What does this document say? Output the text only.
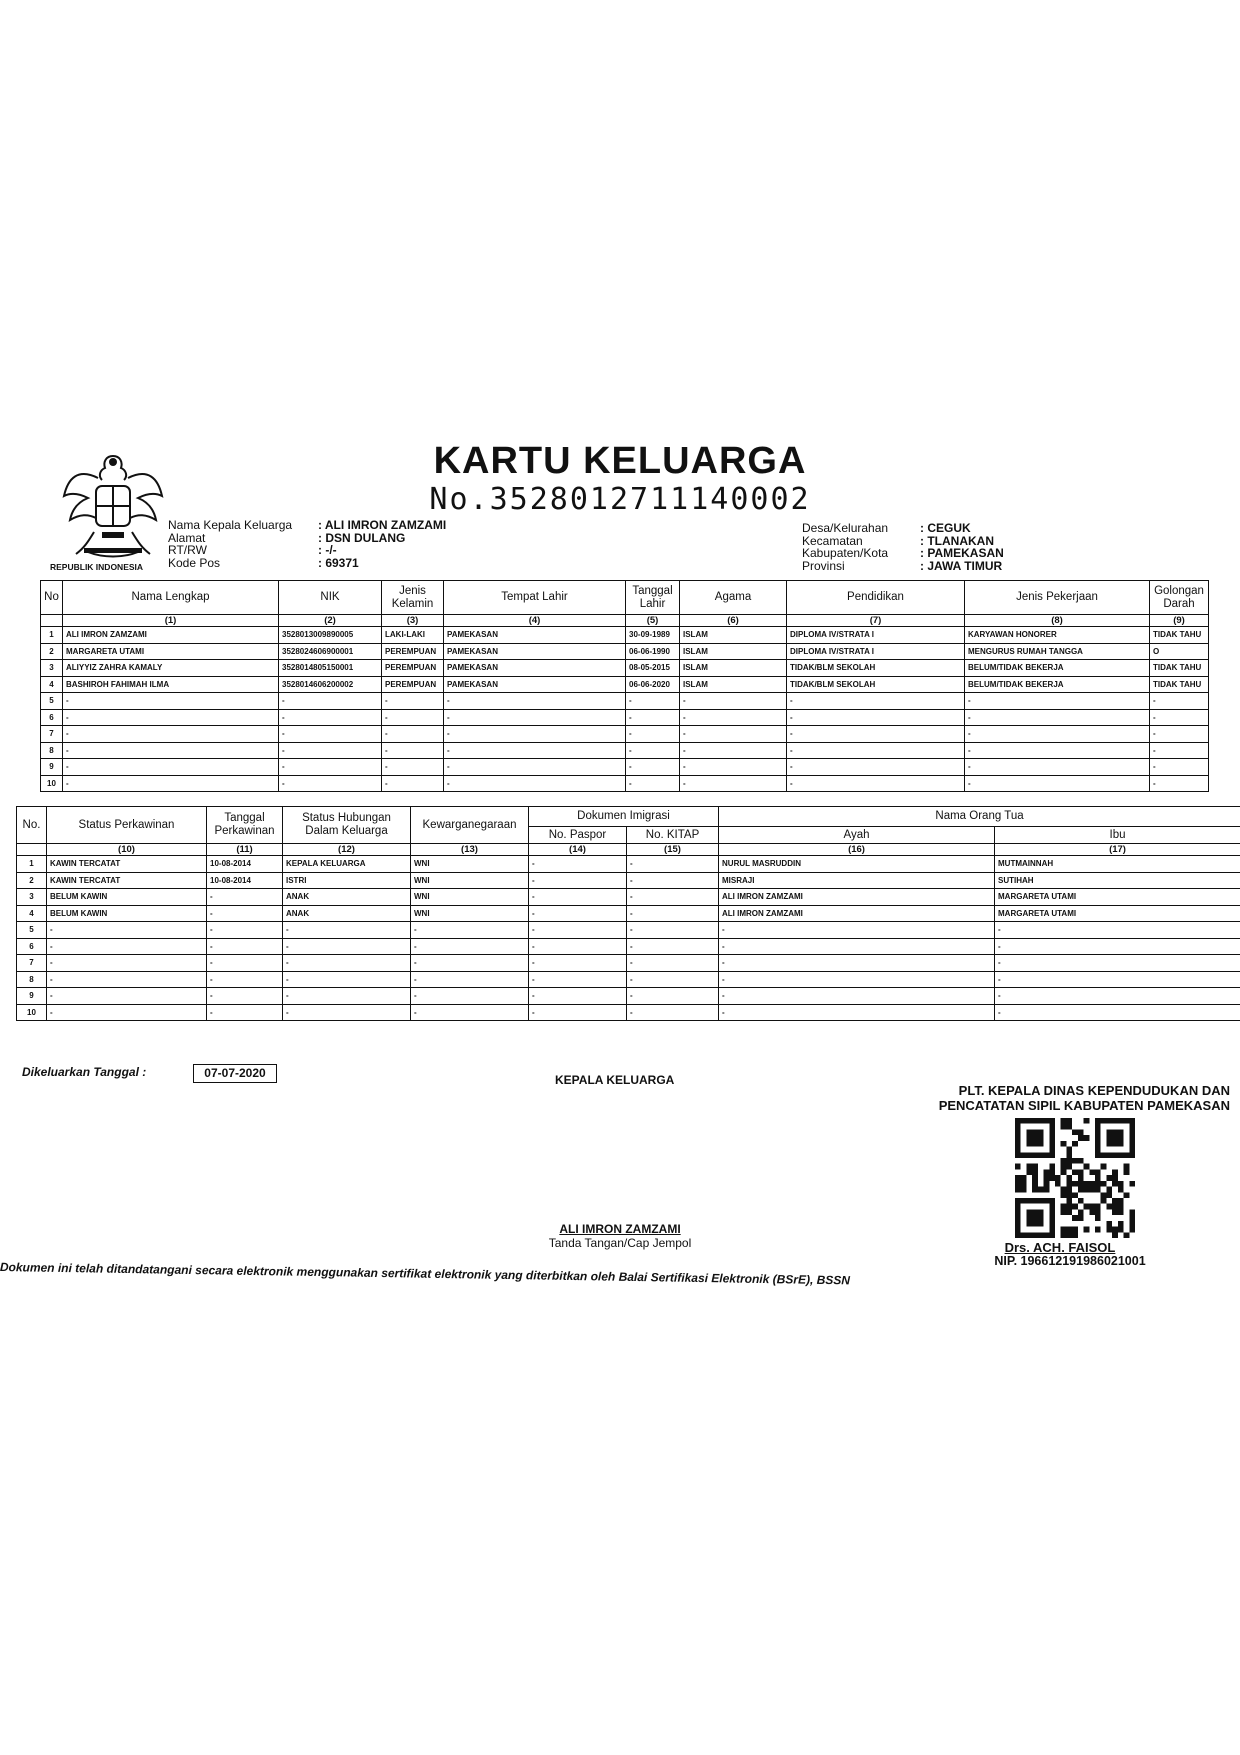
REPUBLIK INDONESIA
KARTU KELUARGA
No.3528012711140002
Nama Kepala Keluarga	: ALI IMRON ZAMZAMI
Alamat	: DSN DULANG
RT/RW	: -/-
Kode Pos	: 69371
Desa/Kelurahan	: CEGUK
Kecamatan	: TLANAKAN
Kabupaten/Kota	: PAMEKASAN
Provinsi	: JAWA TIMUR
No	Nama Lengkap	NIK	Jenis Kelamin	Tempat Lahir	Tanggal Lahir	Agama	Pendidikan	Jenis Pekerjaan	Golongan Darah
	(1)	(2)	(3)	(4)	(5)	(6)	(7)	(8)	(9)
1	ALI IMRON ZAMZAMI	3528013009890005	LAKI-LAKI	PAMEKASAN	30-09-1989	ISLAM	DIPLOMA IV/STRATA I	KARYAWAN HONORER	TIDAK TAHU
2	MARGARETA UTAMI	3528024606900001	PEREMPUAN	PAMEKASAN	06-06-1990	ISLAM	DIPLOMA IV/STRATA I	MENGURUS RUMAH TANGGA	O
3	ALIYYIZ ZAHRA KAMALY	3528014805150001	PEREMPUAN	PAMEKASAN	08-05-2015	ISLAM	TIDAK/BLM SEKOLAH	BELUM/TIDAK BEKERJA	TIDAK TAHU
4	BASHIROH FAHIMAH ILMA	3528014606200002	PEREMPUAN	PAMEKASAN	06-06-2020	ISLAM	TIDAK/BLM SEKOLAH	BELUM/TIDAK BEKERJA	TIDAK TAHU
5	-	-	-	-	-	-	-	-	-
6	-	-	-	-	-	-	-	-	-
7	-	-	-	-	-	-	-	-	-
8	-	-	-	-	-	-	-	-	-
9	-	-	-	-	-	-	-	-	-
10	-	-	-	-	-	-	-	-	-
No.	Status Perkawinan	Tanggal Perkawinan	Status Hubungan Dalam Keluarga	Kewarganegaraan	Dokumen Imigrasi		Nama Orang Tua	
					No. Paspor	No. KITAP	Ayah	Ibu
	(10)	(11)	(12)	(13)	(14)	(15)	(16)	(17)
1	KAWIN TERCATAT	10-08-2014	KEPALA KELUARGA	WNI	-	-	NURUL MASRUDDIN	MUTMAINNAH
2	KAWIN TERCATAT	10-08-2014	ISTRI	WNI	-	-	MISRAJI	SUTIHAH
3	BELUM KAWIN	-	ANAK	WNI	-	-	ALI IMRON ZAMZAMI	MARGARETA UTAMI
4	BELUM KAWIN	-	ANAK	WNI	-	-	ALI IMRON ZAMZAMI	MARGARETA UTAMI
5	-	-	-	-	-	-	-	-
6	-	-	-	-	-	-	-	-
7	-	-	-	-	-	-	-	-
8	-	-	-	-	-	-	-	-
9	-	-	-	-	-	-	-	-
10	-	-	-	-	-	-	-	-
Dikeluarkan Tanggal :	07-07-2020	KEPALA KELUARGA
PLT. KEPALA DINAS KEPENDUDUKAN DAN
PENCATATAN SIPIL KABUPATEN PAMEKASAN
ALI IMRON ZAMZAMI
Tanda Tangan/Cap Jempol	Drs. ACH. FAISOL
NIP. 196612191986021001
Dokumen ini telah ditandatangani secara elektronik menggunakan sertifikat elektronik yang diterbitkan oleh Balai Sertifikasi Elektronik (BSrE), BSSN
